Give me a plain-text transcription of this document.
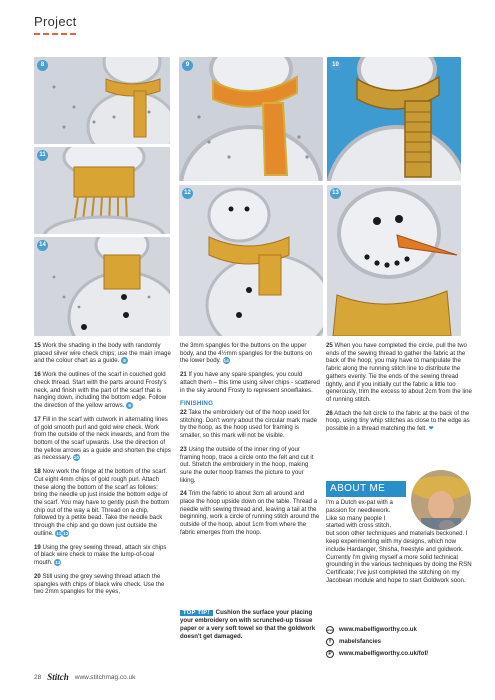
Project
8
11
14
9
12
10
13

15 Work the shading in the body with randomly placed silver wire check chips; use the main image and the colour chart as a guide. 8

16 Work the outlines of the scarf in couched gold check thread. Start with the parts around Frosty's neck, and finish with the part of the scarf that is hanging down, including the bottom edge. Follow the direction of the yellow arrows. 9

17 Fill in the scarf with cutwork in alternating lines of gold smooth purl and gold wire check. Work from the outside of the neck inwards, and from the bottom of the scarf upwards. Use the direction of the yellow arrows as a guide and shorten the chips as necessary. 10

18 Now work the fringe at the bottom of the scarf. Cut eight 4mm chips of gold rough purl. Attach these along the bottom of the scarf as follows: bring the needle up just inside the bottom edge of the scarf. You may have to gently push the bottom chip out of the way a bit. Thread on a chip, followed by a petite bead. Take the needle back through the chip and go down just outside the outline. 11 12

19 Using the grey sewing thread, attach six chips of black wire check to make the lump-of-coal mouth. 13

20 Still using the grey sewing thread attach the spangles with chips of black wire check. Use the two 2mm spangles for the eyes,

the 3mm spangles for the buttons on the upper body, and the 4½mm spangles for the buttons on the lower body. 14

21 If you have any spare spangles, you could attach them – this time using silver chips - scattered in the sky around Frosty to represent snowflakes.

FINISHING

22 Take the embroidery out of the hoop used for stitching. Don't worry about the circular mark made by the hoop, as the hoop used for framing is smaller, so this mark will not be visible.

23 Using the outside of the inner ring of your framing hoop, trace a circle onto the felt and cut it out. Stretch the embroidery in the hoop, making sure the outer hoop frames the picture to your liking.

24 Trim the fabric to about 3cm all around and place the hoop upside down on the table. Thread a needle with sewing thread and, leaving a tail at the beginning, work a circle of running stitch around the outside of the hoop, about 1cm from where the fabric emerges from the hoop.

TOP TIP! Cushion the surface your placing your embroidery on with scrunched-up tissue paper or a very soft towel so that the goldwork doesn't get damaged.

25 When you have completed the circle, pull the two ends of the sewing thread to gather the fabric at the back of the hoop; you may have to manipulate the fabric along the running stitch line to distribute the gathers evenly. Tie the ends of the sewing thread tightly, and if you initially cut the fabric a little too generously, trim the excess to about 2cm from the line of running stitch.

26 Attach the felt circle to the fabric at the back of the hoop, using tiny whip stitches as close to the edge as possible in a thread matching the felt. ❤

ABOUT ME
I'm a Dutch ex-pat with a
passion for needlework.
Like so many people I
started with cross stitch,
but soon other techniques and materials beckoned. I keep experimenting with my designs, which now include Hardanger, Shisha, freestyle and goldwork. Currently I'm giving myself a more solid technical grounding in the various techniques by doing the RSN Certificate; I've just completed the stitching on my Jacobean module and hope to start Goldwork soon.
www www.mabelfigworthy.co.uk
f	mabelsfancies
P	www.mabelfigworthy.co.uk/fof/
28 Stitch www.stitchmag.co.uk
